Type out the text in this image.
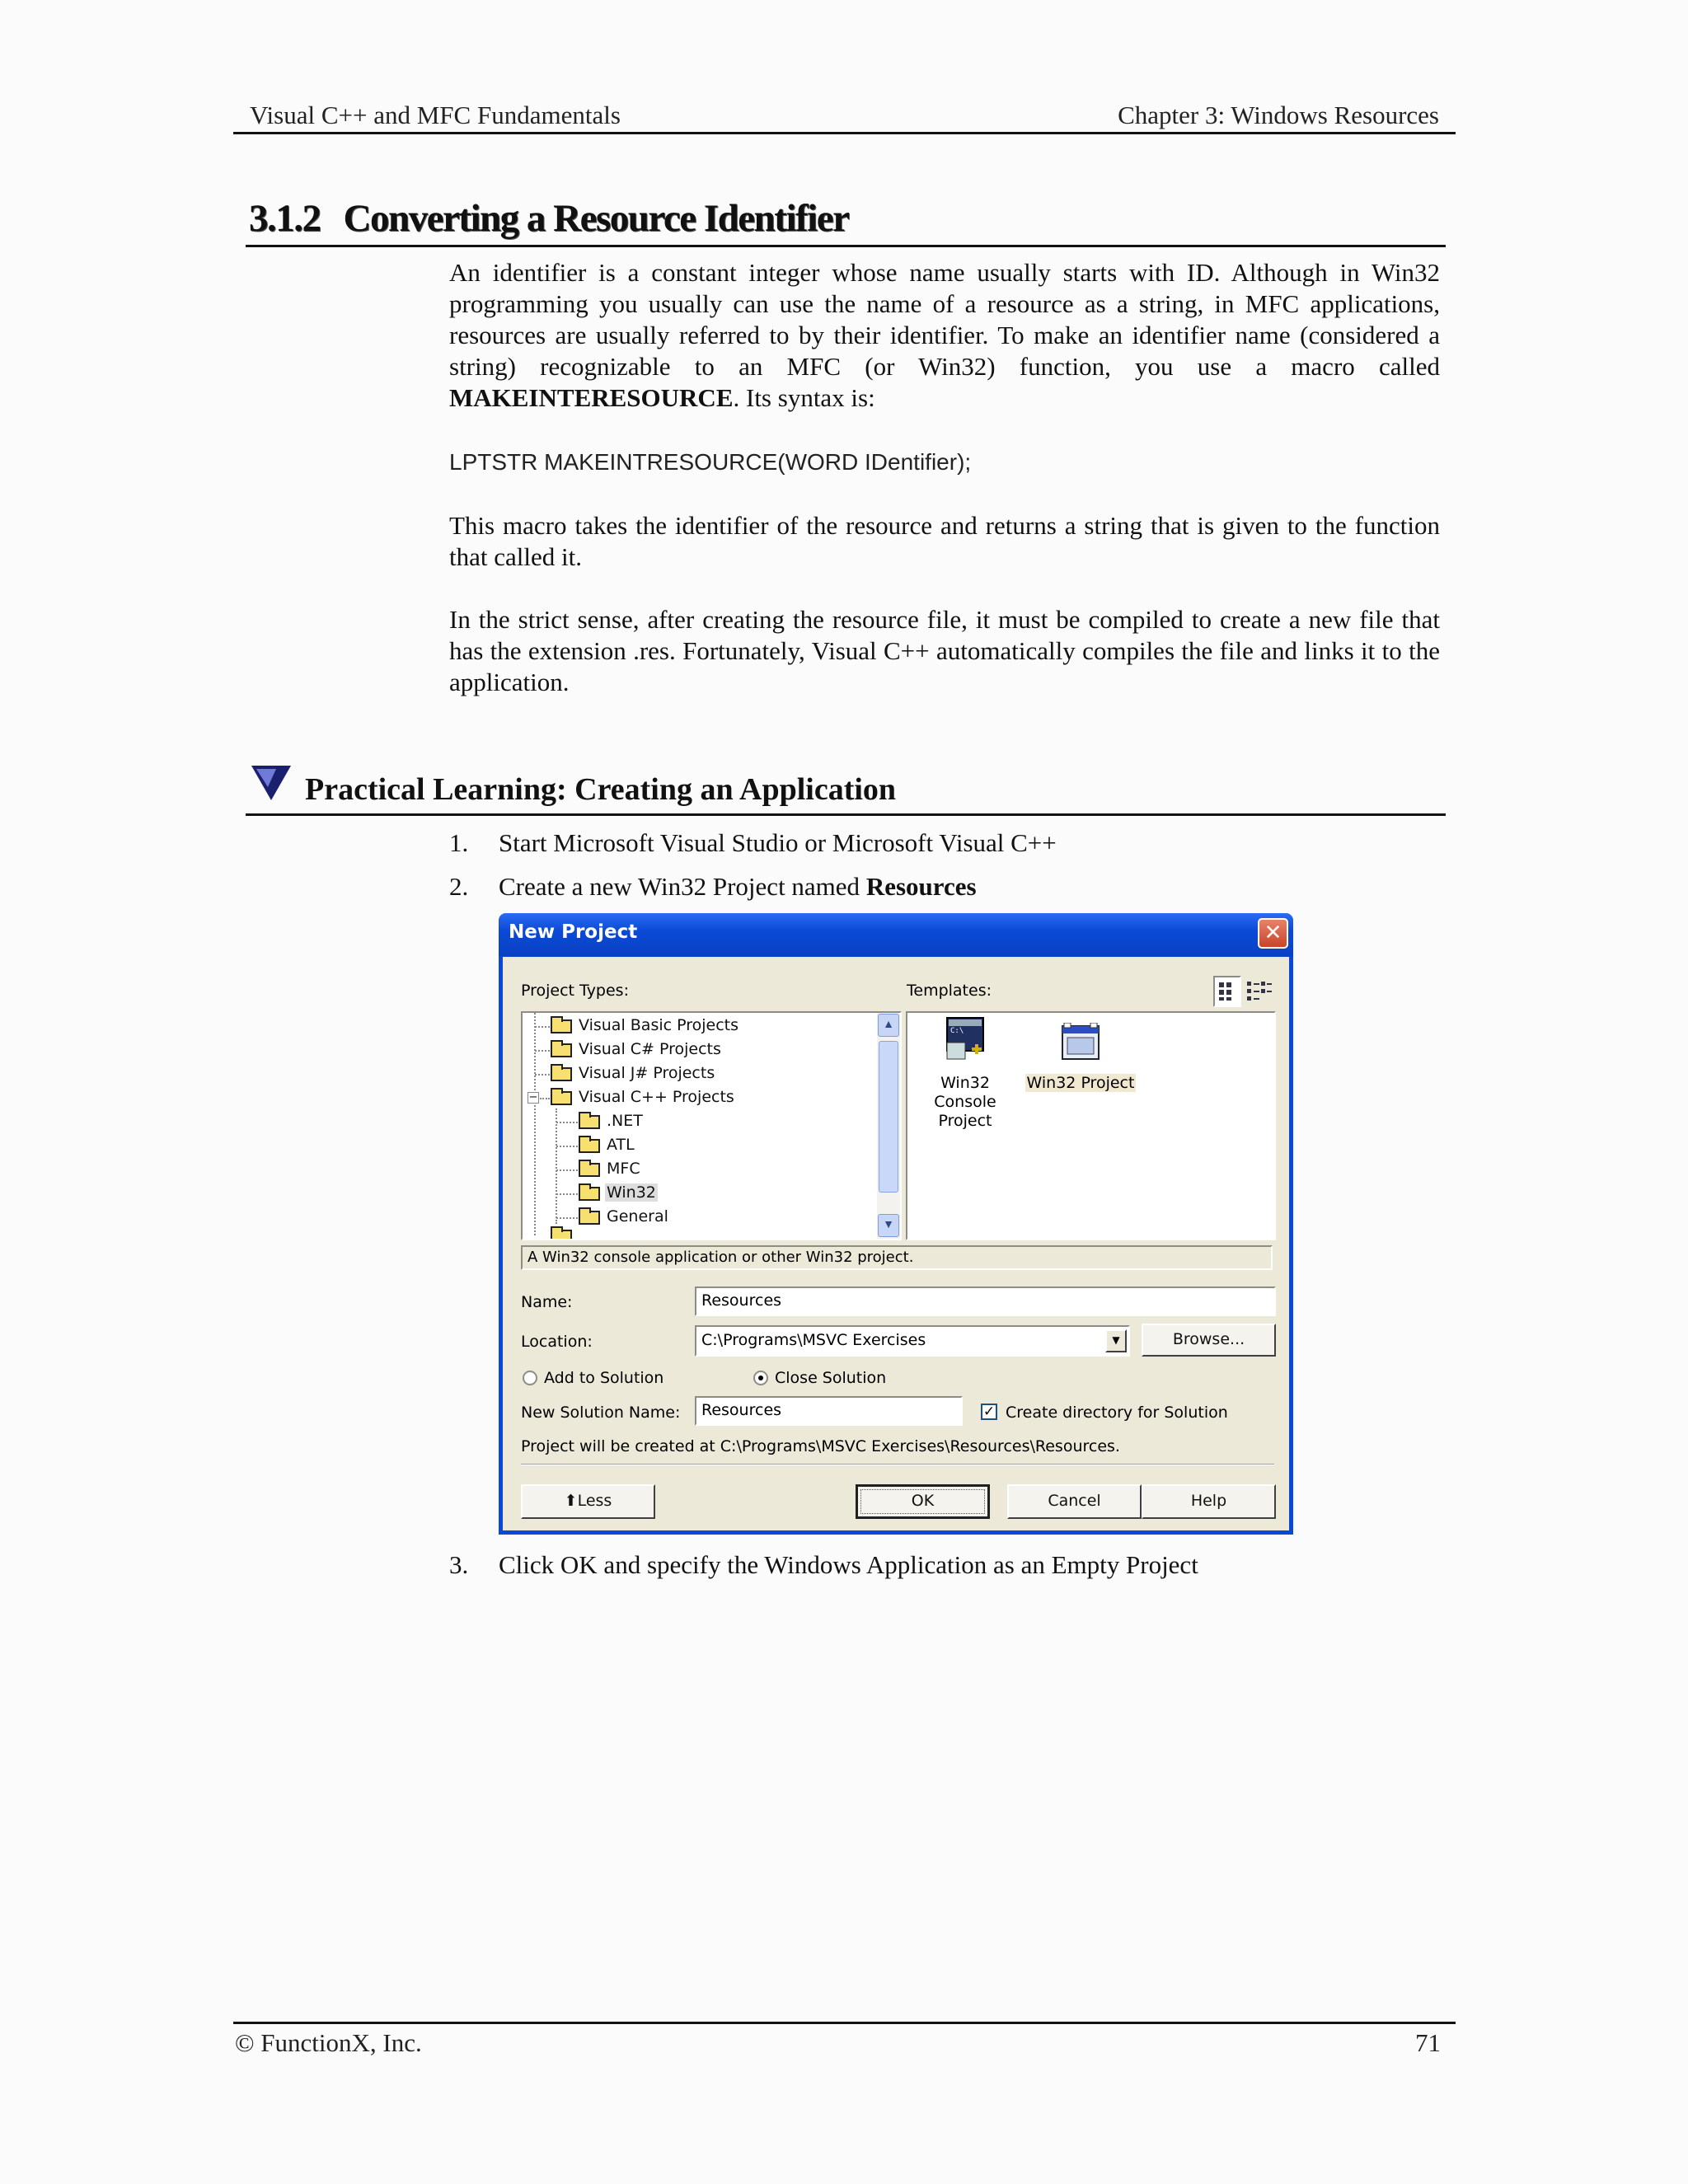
Visual C++ and MFC Fundamentals	Chapter 3: Windows Resources
3.1.2 Converting a Resource Identifier
An identifier is a constant integer whose name usually starts with ID. Although in Win32 programming you usually can use the name of a resource as a string, in MFC applications, resources are usually referred to by their identifier. To make an identifier name (considered a string) recognizable to an MFC (or Win32) function, you use a macro called MAKEINTERESOURCE. Its syntax is:
LPTSTR MAKEINTRESOURCE(WORD IDentifier);
This macro takes the identifier of the resource and returns a string that is given to the function that called it.
In the strict sense, after creating the resource file, it must be compiled to create a new file that has the extension .res. Fortunately, Visual C++ automatically compiles the file and links it to the application.
Practical Learning: Creating an Application
1. Start Microsoft Visual Studio or Microsoft Visual C++
2. Create a new Win32 Project named Resources
3. Click OK and specify the Windows Application as an Empty Project
New Project	✕
Project Types:	Templates:
Visual Basic Projects
Visual C# Projects
Visual J# Projects
−	Visual C++ Projects
.NET
ATL
MFC
Win32
General
▲
▼
C:\
Win32 Console
Project
Win32 Project
A Win32 console application or other Win32 project.
Name:	Resources
Location:	C:\Programs\MSVC Exercises	▼	Browse...
Add to Solution	Close Solution
New Solution Name:	Resources	✓ Create directory for Solution
Project will be created at C:\Programs\MSVC Exercises\Resources\Resources.
⬆Less	OK	Cancel	Help
© FunctionX, Inc.	71
